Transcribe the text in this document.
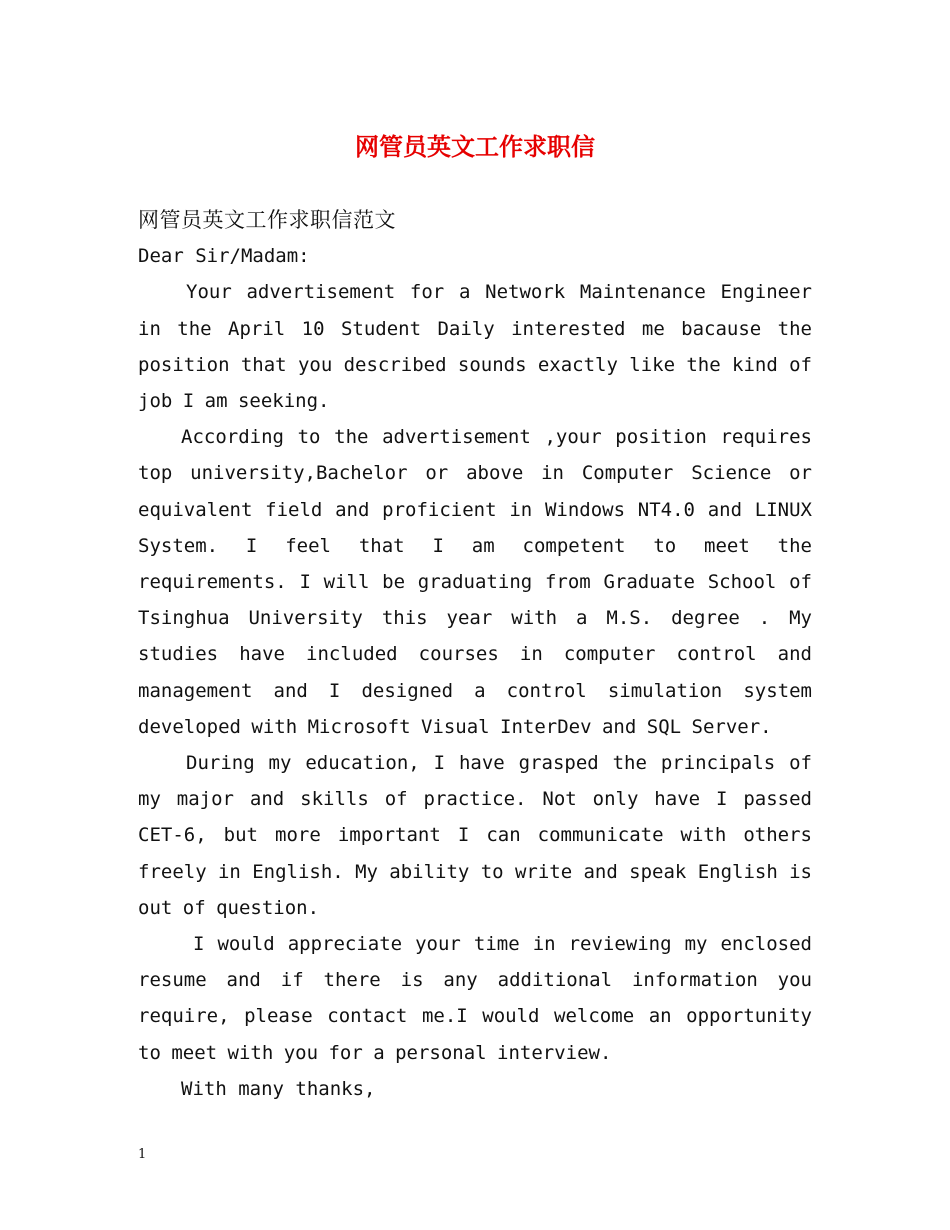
网管员英文工作求职信

网管员英文工作求职信范文

Dear Sir/Madam:

Your advertisement for a Network Maintenance Engineer in the April 10 Student Daily interested me bacause the position that you described sounds exactly like the kind of job I am seeking.

According to the advertisement ,your position requires top university,Bachelor or above in Computer Science or equivalent field and proficient in Windows NT4.0 and LINUX System. I feel that I am competent to meet the requirements. I will be graduating from Graduate School of Tsinghua University this year with a M.S. degree . My studies have included courses in computer control and management and I designed a control simulation system developed with Microsoft Visual InterDev and SQL Server.

During my education, I have grasped the principals of my major and skills of practice. Not only have I passed CET-6, but more important I can communicate with others freely in English. My ability to write and speak English is out of question.

I would appreciate your time in reviewing my enclosed resume and if there is any additional information you require, please contact me.I would welcome an opportunity to meet with you for a personal interview.

With many thanks,

1
